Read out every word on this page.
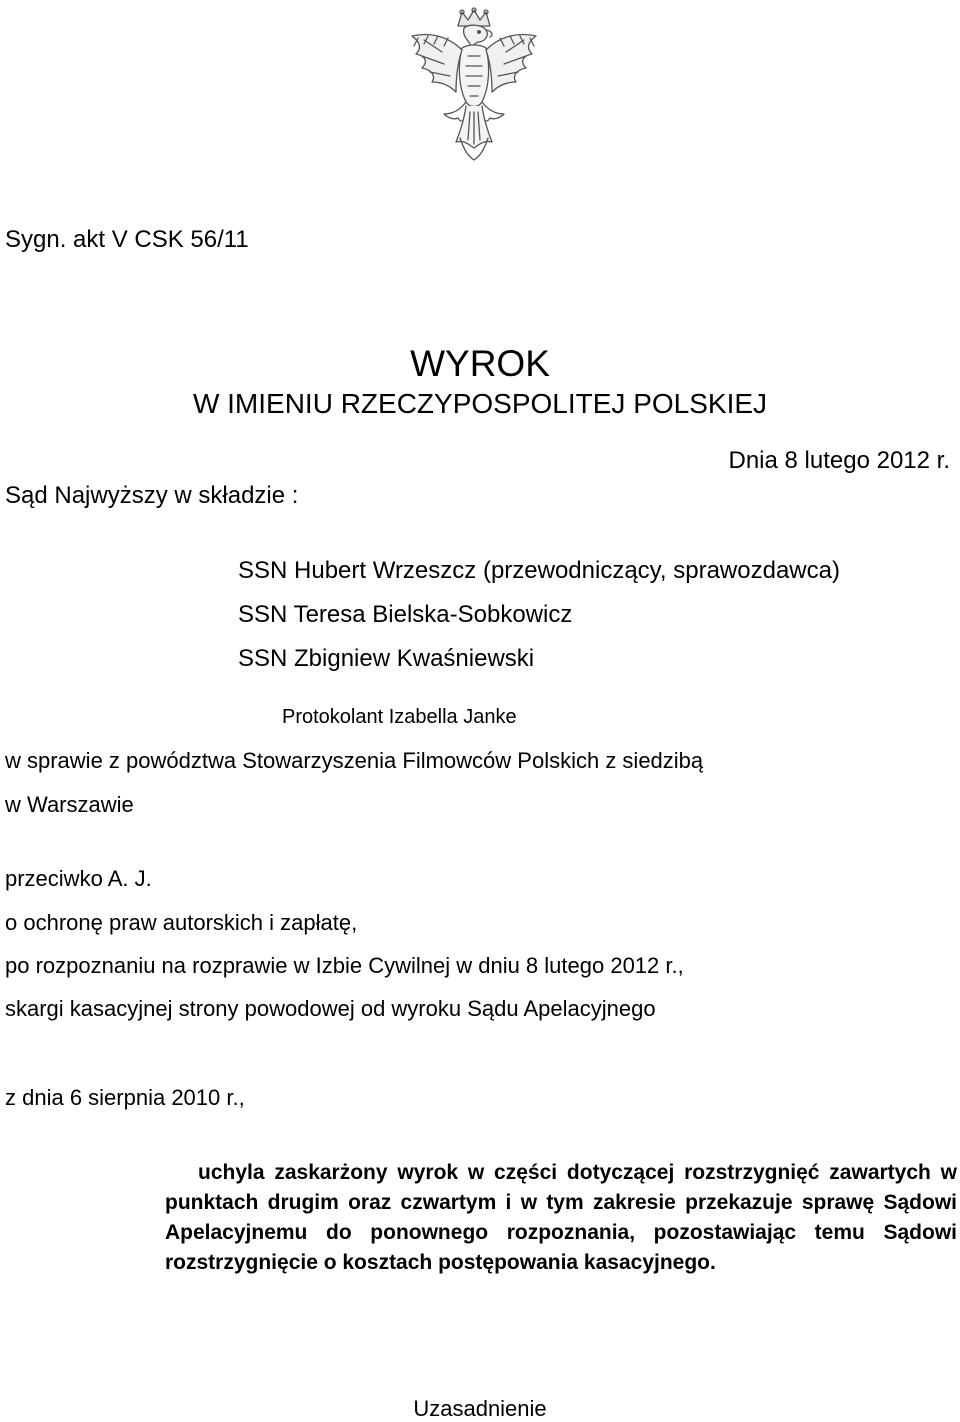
Sygn. akt V CSK 56/11
WYROK
W IMIENIU RZECZYPOSPOLITEJ POLSKIEJ
Dnia 8 lutego 2012 r.
Sąd Najwyższy w składzie :
SSN Hubert Wrzeszcz (przewodniczący, sprawozdawca)
SSN Teresa Bielska-Sobkowicz
SSN Zbigniew Kwaśniewski
Protokolant Izabella Janke
w sprawie z powództwa Stowarzyszenia Filmowców Polskich z siedzibą
w Warszawie
przeciwko A. J.
o ochronę praw autorskich i zapłatę,
po rozpoznaniu na rozprawie w Izbie Cywilnej w dniu 8 lutego 2012 r.,
skargi kasacyjnej strony powodowej od wyroku Sądu Apelacyjnego
z dnia 6 sierpnia 2010 r.,
uchyla zaskarżony wyrok w części dotyczącej rozstrzygnięć zawartych w punktach drugim oraz czwartym i w tym zakresie przekazuje sprawę Sądowi Apelacyjnemu do ponownego rozpoznania, pozostawiając temu Sądowi rozstrzygnięcie o kosztach postępowania kasacyjnego.
Uzasadnienie
